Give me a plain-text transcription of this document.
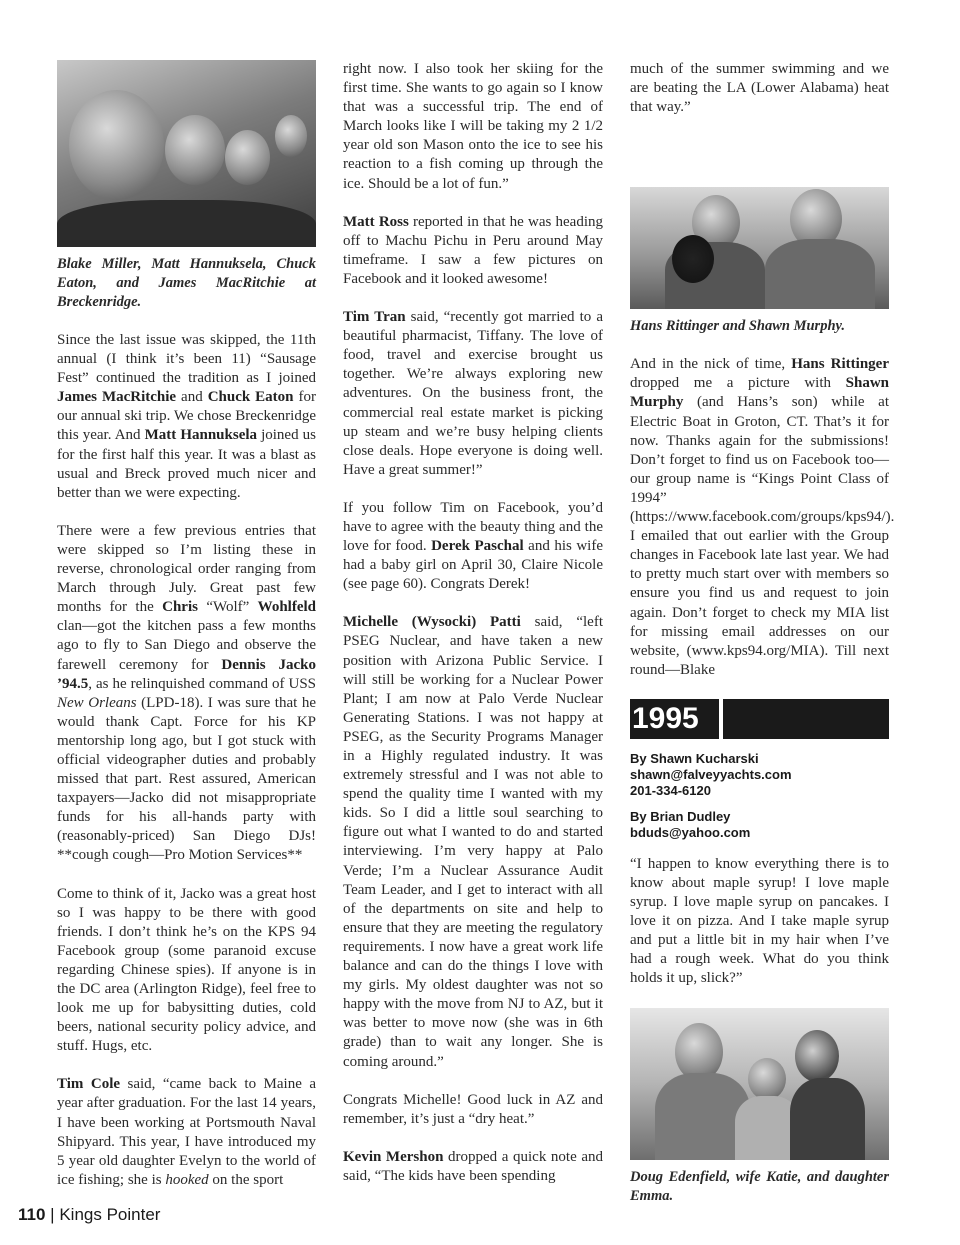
Blake Miller, Matt Hannuksela, Chuck Eaton, and James MacRitchie at Breckenridge.

Since the last issue was skipped, the 11th annual (I think it’s been 11) “Sausage Fest” continued the tradition as I joined James MacRitchie and Chuck Eaton for our annual ski trip. We chose Breckenridge this year. And Matt Hannuksela joined us for the first half this year. It was a blast as usual and Breck proved much nicer and better than we were expecting.

There were a few previous entries that were skipped so I’m listing these in reverse, chronological order ranging from March through July. Great past few months for the Chris “Wolf” Wohlfeld clan—got the kitchen pass a few months ago to fly to San Diego and observe the farewell ceremony for Dennis Jacko ’94.5, as he relinquished command of USS New Orleans (LPD-18). I was sure that he would thank Capt. Force for his KP mentorship long ago, but I got stuck with official videographer duties and probably missed that part. Rest assured, American taxpayers—Jacko did not misappropriate funds for his all-hands party with (reasonably-priced) San Diego DJs! **cough cough—Pro Motion Services**

Come to think of it, Jacko was a great host so I was happy to be there with good friends. I don’t think he’s on the KPS 94 Facebook group (some paranoid excuse regarding Chinese spies). If anyone is in the DC area (Arlington Ridge), feel free to look me up for babysitting duties, cold beers, national security policy advice, and stuff. Hugs, etc.

Tim Cole said, “came back to Maine a year after graduation. For the last 14 years, I have been working at Portsmouth Naval Shipyard. This year, I have introduced my 5 year old daughter Evelyn to the world of ice fishing; she is hooked on the sport

right now. I also took her skiing for the first time. She wants to go again so I know that was a successful trip. The end of March looks like I will be taking my 2 1/2 year old son Mason onto the ice to see his reaction to a fish coming up through the ice. Should be a lot of fun.”

Matt Ross reported in that he was heading off to Machu Pichu in Peru around May timeframe. I saw a few pictures on Facebook and it looked awesome!

Tim Tran said, “recently got married to a beautiful pharmacist, Tiffany. The love of food, travel and exercise brought us together. We’re always exploring new adventures. On the business front, the commercial real estate market is picking up steam and we’re busy helping clients close deals. Hope everyone is doing well. Have a great summer!”

If you follow Tim on Facebook, you’d have to agree with the beauty thing and the love for food. Derek Paschal and his wife had a baby girl on April 30, Claire Nicole (see page 60). Congrats Derek!

Michelle (Wysocki) Patti said, “left PSEG Nuclear, and have taken a new position with Arizona Public Service. I will still be working for a Nuclear Power Plant; I am now at Palo Verde Nuclear Generating Stations. I was not happy at PSEG, as the Security Programs Manager in a Highly regulated industry. It was extremely stressful and I was not able to spend the quality time I wanted with my kids. So I did a little soul searching to figure out what I wanted to do and started interviewing. I’m very happy at Palo Verde; I’m a Nuclear Assurance Audit Team Leader, and I get to interact with all of the departments on site and help to ensure that they are meeting the regulatory requirements. I now have a great work life balance and can do the things I love with my girls. My oldest daughter was not so happy with the move from NJ to AZ, but it was better to move now (she was in 6th grade) than to wait any longer. She is coming around.”

Congrats Michelle! Good luck in AZ and remember, it’s just a “dry heat.”

Kevin Mershon dropped a quick note and said, “The kids have been spending

much of the summer swimming and we are beating the LA (Lower Alabama) heat that way.”

Hans Rittinger and Shawn Murphy.

And in the nick of time, Hans Rittinger dropped me a picture with Shawn Murphy (and Hans’s son) while at Electric Boat in Groton, CT. That’s it for now. Thanks again for the submissions! Don’t forget to find us on Facebook too—our group name is “Kings Point Class of 1994” (https://www.facebook.com/groups/kps94/). I emailed that out earlier with the Group changes in Facebook late last year. We had to pretty much start over with members so ensure you find us and request to join again. Don’t forget to check my MIA list for missing email addresses on our website, (www.kps94.org/MIA). Till next round—Blake

1995
By Shawn Kucharski
shawn@falveyyachts.com
201-334-6120
By Brian Dudley
bduds@yahoo.com

“I happen to know everything there is to know about maple syrup! I love maple syrup. I love maple syrup on pancakes. I love it on pizza. And I take maple syrup and put a little bit in my hair when I’ve had a rough week. What do you think holds it up, slick?”

Doug Edenfield, wife Katie, and daughter Emma.

110 | Kings Pointer
